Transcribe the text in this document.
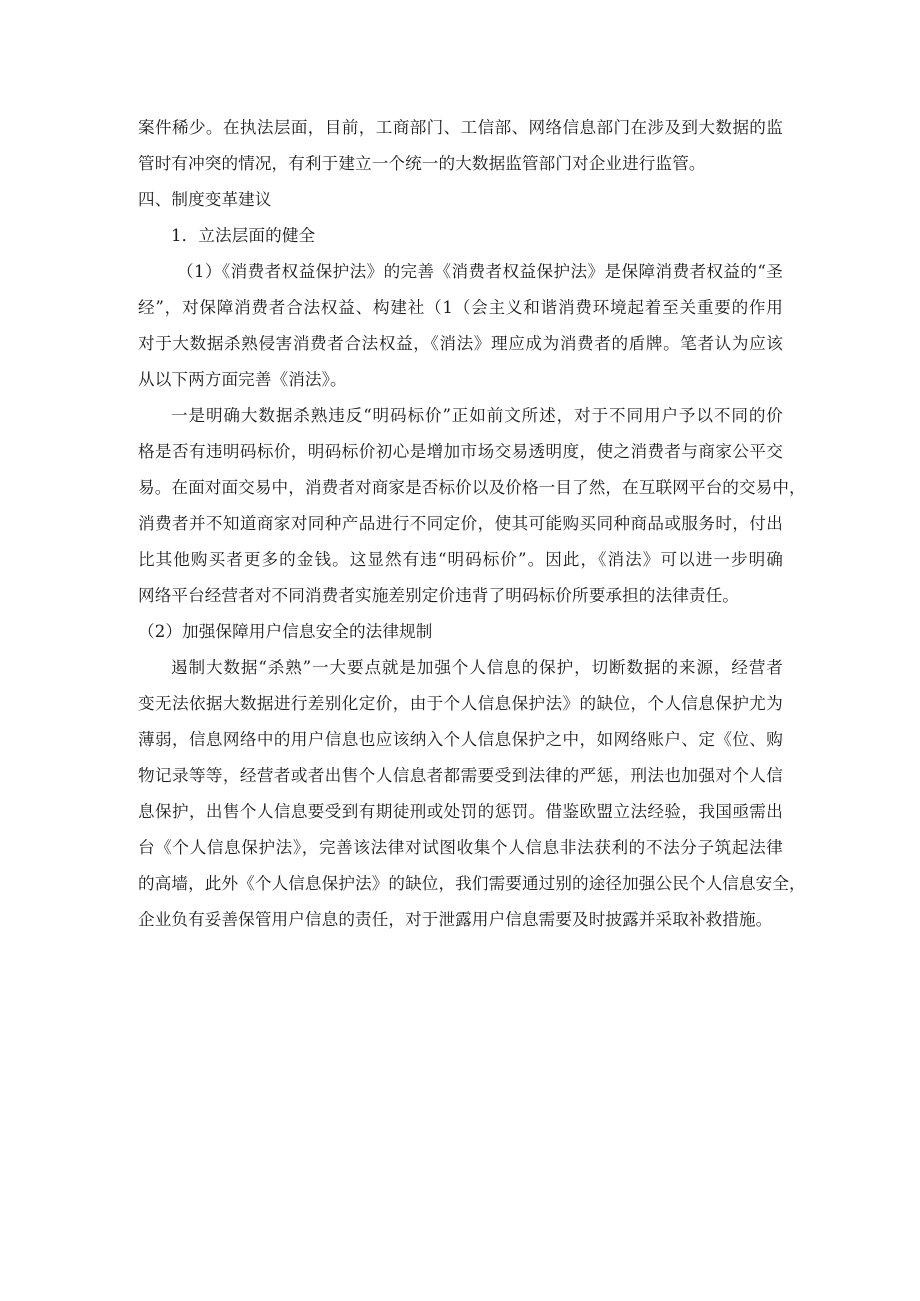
案件稀少。在执法层面，目前，工商部门、工信部、网络信息部门在涉及到大数据的监
管时有冲突的情况，有利于建立一个统一的大数据监管部门对企业进行监管。
四、制度变革建议
1．立法层面的健全
（1）《消费者权益保护法》的完善《消费者权益保护法》是保障消费者权益的“圣
经”，对保障消费者合法权益、构建社（1（会主义和谐消费环境起着至关重要的作用
对于大数据杀熟侵害消费者合法权益，《消法》理应成为消费者的盾牌。笔者认为应该
从以下两方面完善《消法》。
一是明确大数据杀熟违反“明码标价”正如前文所述，对于不同用户予以不同的价
格是否有违明码标价，明码标价初心是增加市场交易透明度，使之消费者与商家公平交
易。在面对面交易中，消费者对商家是否标价以及价格一目了然，在互联网平台的交易中，
消费者并不知道商家对同种产品进行不同定价，使其可能购买同种商品或服务时，付出
比其他购买者更多的金钱。这显然有违“明码标价”。因此，《消法》可以进一步明确
网络平台经营者对不同消费者实施差别定价违背了明码标价所要承担的法律责任。
（2）加强保障用户信息安全的法律规制
遏制大数据“杀熟”一大要点就是加强个人信息的保护，切断数据的来源，经营者
变无法依据大数据进行差别化定价，由于个人信息保护法》的缺位，个人信息保护尤为
薄弱，信息网络中的用户信息也应该纳入个人信息保护之中，如网络账户、定《位、购
物记录等等，经营者或者出售个人信息者都需要受到法律的严惩，刑法也加强对个人信
息保护，出售个人信息要受到有期徒刑或处罚的惩罚。借鉴欧盟立法经验，我国亟需出
台《个人信息保护法》，完善该法律对试图收集个人信息非法获利的不法分子筑起法律
的高墙，此外《个人信息保护法》的缺位，我们需要通过别的途径加强公民个人信息安全，
企业负有妥善保管用户信息的责任，对于泄露用户信息需要及时披露并采取补救措施。
